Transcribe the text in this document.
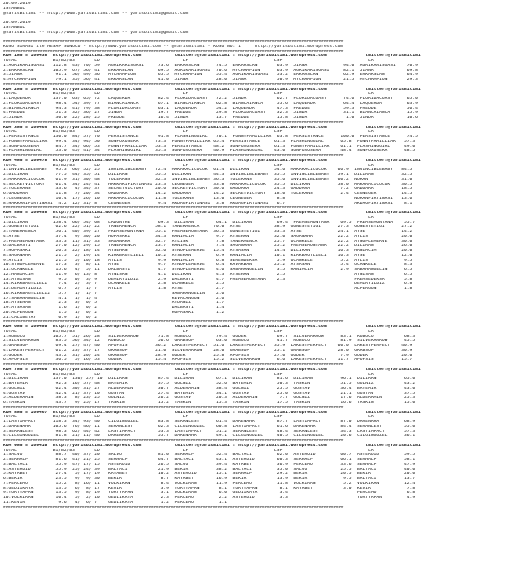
20.09.2019
ISTANBUL
@YarisBilimi -- http://www.yarisbilimi.com -- yarisbilimi@gmail.com

20.09.2019
ISTANBUL
@YarisBilimi -- http://www.yarisbilimi.com -- yarisbilimi@gmail.com

##########################################################################################################################################
KOSU SIRASI ile HESAP SONUCU - http://www.yarisbilimi.com -- @YarisBilimi - KOSU NO: 1     http://yarisbilimi.wordpress.com
##########################################################################################################################################
KUM 1NG = 169438  http://yarisbilimi.wordpress.com            twitter:@YarisBilimi : http://yarisbilimi.wordpress.com              twitter:@YarisBilimi
TOTAL             B1/B2/B3       LD                              LF                               LSP                               LA
1:AGRIKARISGASI   112.8  43/ 70/ 59   AGRIKARISGASI     73.6  ERKARSLAN      74.5  ERKARSLAN       63.9  JIANA             94.0  AGRIKARISGASI    70.9
2:ERKARSLAN       105.9  67/ 56/ 41   ERKARSLAN         69.5  AGRIKARISGASI  70.6  MYCHAMPION      63.9  AGRIKARISGASI     82.1  JIANA            69.8
3:JIANA            91.1  56/ 49/ 36   MYCHAMPION        65.5  MYCHAMPION     55.4  AGRIKARISGASI   53.2  ERKARSLAN         62.9  ERKARSLAN        64.9
4:MYCHAMPION       79.1  35/ 56/ 41   ERKARSLAN         41.0  JIANA          28.0  JIANA           50.9  MYCHAMPION        21.5  MYCHAMPION       29.3
##########################################################################################################################################
KUM 2NG = 169458  http://yarisbilimi.wordpress.com            twitter:@YarisBilimi : http://yarisbilimi.wordpress.com              twitter:@YarisBilimi
TOTAL             B1/B2/B3       LD                              LF                               LSP                               LA
1:LAQUERDA        137.0  63/ 65/ 72   LAQUERDA          82.4  FLORIDACOAST   72.2  JINDA           62.7  FLORIDACOAST      74.6  FLORIDACOAST     65.0
2:FLORIDACOAST     98.4  54/ 39/ 77   BIANCAIANCA       67.1  BIANCAIANCA    62.8  BIANCAIANCA     55.6  LAQUERDA          64.4  LAQUERDA         63.9
3:BIANCAIANCA      94.3  41/ 79/ 38   FLORIDACOAST      63.1  LAQUERDA       54.2  LAQUERDA        47.3  FREDDE            59.3  FREDDE           56.4
4:FREDDE           51.3  32/ 36/ 27   JINDA             19.7  FREDDE         29.8  FLORIDACOAST    32.3  JINDA             31.1  BIANCAIANCA      15.9
5:JINDA            30.0  22/ 28/ 25   FREDDE            16.4  JINDA          13.7  FREDDE          15.8  JINDA              1.0  JINDA            10.6
##########################################################################################################################################
KUM 3NG = 169465  http://yarisbilimi.wordpress.com            twitter:@YarisBilimi : http://yarisbilimi.wordpress.com              twitter:@YarisBilimi
TOTAL             B1/B2/B3       LD                              LF                               LSP                               LA
1:PERSISTANCE     130.0  84/ 57/ 70   PERSISTANCE       91.8  FLASHINGGIRL   70.1  FUNNYFAMILLIAR  63.8  PERSISTANCE      100.0  PERSISTANCE      74.5
2:FUNNYFAMILLIAR   99.4  34/ 94/ 50   SUNFOXOSERA      73.3  FUNNYFAMILLIAR 65.4  PERSISTANCE     61.3  FLASHINGGIRL      65.8  FUNNYFAMILLIAR   57.3
3:SUNFOXOSERA      84.7  34/ 66/ 53   FUNNYFAMILLIAR   53.3  PERSISTANCE    48.2  SUNFOXOSERA     61.3  FUNNYFAMILLIAR    61.1  FLASHINGGIRL     49.0
4:FLASHINGGIRL     53.0  45/ 41/ 34   FLASHINGGIRL     35.3  SUNFOXOSERA    40.9  FLASHINGGIRL    43.0  SUNFOXOSERA       48.4  SUNFOXOSERA      48.5
##########################################################################################################################################
KUM 4NG = 169478  http://yarisbilimi.wordpress.com            twitter:@YarisBilimi : http://yarisbilimi.wordpress.com              twitter:@YarisBilimi
TOTAL             B1/B2/B3       LD                              LF                               LSP                               LA
1:INVINCIBLEBABY   95.3  66/ 52/ 25   INVINCIBLEBABY   72.4  MAKARACICOCUK  61.4  DILIRAN         54.6  MAKARACICOCUK    66.9  INVINCIBLEBABY   84.5
2:DILIRAN          77.5  44/ 35/ 51   DILIRAN          55.5  DILIRAN        44.3  INVINCIBLEBABY  35.5  INVINCIBLEBABY   59.1  DILIRAN          32.5
3:MAKARACICOCUK    61.9  31/ 30/ 48   TOLERANS         32.3  INVINCIBLEBABY 36.3  TOLERANS        35.6  INVINCIBLEBABY   60.2  NURAN            31.0
4:SECRETVICTORY    61.4  34/ 24/ 41   HAKKARIFIRTINASI 23.3  CEGNEGER       33.8  MAKARACICOCUK   35.5  DILIRAN          58.0  MAKARACICOCUK    30.5
5:TOLERANS         33.6   4/ 34/ 37   SECRETVICTORY    20.6  SECRETVICTORY  30.6  GADDARA         24.3  GADDARA           7.2  GADDARA          18.5
6:GADDARA          11.8   7/ 20/ 34   GADDARA          14.2  GADDARA        14.2  SECRETVICTORY   18.0  TOLERANS          2.4  CEGNEGER         14.5
7:CEGNEGER         10.4  17/ 26/ 10   MAKARACICOCUK    11.8  TOLERANS       13.0  CEGNEGER         8.8                         NURANFIRTINASI   13.6
8:HAKKARIFIRTINASI  4.2  12/ 31/ 8    CEGNEGER          9.4  AKDAGFIRTINASI  3.8  AKDAGFIRTINASI   6.7                         AKDAGFIRTINASI    8.1
##########################################################################################################################################
KUM 5NG = 169458  http://yarisbilimi.wordpress.com            twitter:@YarisBilimi : http://yarisbilimi.wordpress.com              twitter:@YarisBilimi
TOTAL             B1/B2/B3       LD                              LF                               LSP                               LA
1:DILIRAN         158.4  66/ 54/ 68   LADONTHE          69.3  DILIRAN        64.1  DILIRAN         69.4  FREMSEMONTANA    69.5  FREMSEMONTANA    55.7
2:GUNESTETIGI      62.6  22/ 51/ 22   TANERMENCA       58.1  TANERMENCA     70.0  AYSE            38.9  GUNESTETIGI      27.3  GUNESTETIGI      27.2
3:TANERMENCA       56.1  40/ 39/ 27   FREMSEMONTANA    55.1  FREMSEMONTANA  36.3  GUNESTETIGI     33.3  AYSE             24.1  AYSE             14.2
4:AYSE             37.4   9/ 30/ 20   HOPASAKI         34.3  HANIMCIM        9.7  AYSEHAN         32.0  SAGANAHA         22.2  AYLIS            20.0
5:FREMSEMONTANA    33.3  11/ 31/ 33   SAGANAHA         32.7  ATLISK          7.8  TANERMENCA      25.7  UCANKELE         22.2  ATNOPLEMERVE     30.0
6:DALBASTI         27.0  12/ 29/ 15   TANERMENCA       23.7  HANIMCIM        7.4  SAGANAHA        25.2  FREMSEMONTANA    22.2  DILIRAN          26.0
7:HOPASAKI         26.3  22/ 18/ 14   AYSEHAN          32.6  STNOPLEMERVE   15.4  ATSASAN         14.4  DILIRAN          16.3  HANIMCIM         20.0
8:SAGANAHA         21.5   2/ 19/ 14   KIRKBAGTLIELI    10.2  AYSEHAN         6.9  HANIMCIM        10.1  KIRKBAGTLIELI    16.3  AYSE             12.0
9:ATLIS            21.5   5/ 10/ 18   ATLIS             9.9  HANIMCIM        6.8  SERENDEKSA       5.9  UCANKELE          5.2  AYLIS             9.5
10:STNOPLEMERVE    17.3   3/  8/ 11   AYSE              9.7  ATNOPLEMERVE    6.4  KAVAKBAN        25.2  ATSASAN           5.4  UCANKELE          8.3
11:UCANKELE        15.6   4/  5/ 11   DALBASTI          4.7  STNOPLEMERVE    4.6  SABAHANGELIN     3.5  HANIMCIM          2.9  SABAHANGELIN      6.5
12:HANIMCIM        11.9   6/ 13/ 8    ATNISAN           4.1  DILIRAN         4.3  AYSEHAN          2.5                         ATNISAN           6.5
13:ATNISAN          9.5   0/  3/ 9    DEMIRYILDIZ       2.9  DALBASTI        4.7  FREMSEMONTANA    2.3                         FREMSEDEKSA       5.8
14:KIRKBAGTLIELI    7.4   2/  3/ 7    UCANKELE          2.8  UCANKELE        2.5                                               DEMIRYILDIZ       6.8
15:DEMIRYILDIZ      6.7   2/  1/ 7    AYLIS             1.8  AYSE            2.7                                               ALPERGUN          1.8
16:KIRKBAGTLIELI2   5.7   1/  1/ 7                           SABAHANGELIN    2.6
17:SABAHANGELIN     4.1   1/  1/ 4                           KEVACANGUN      2.6
18:AYSEHAN          2.3   3/  0/ 5                           AYDANIZ         1.7
19:ATSASAN          1.6   1/  0/ 2                           DALBASTI        1.4
20:ALPERGUN         1.5   1/  0/ 2                           HOPASAKI        1.2
21:CALIBETAY        0.9   1/  0/ 2
##########################################################################################################################################
KUM 6NG = 169480  http://yarisbilimi.wordpress.com            twitter:@YarisBilimi : http://yarisbilimi.wordpress.com              twitter:@YarisBilimi
TOTAL             B1/B2/B3       LD                              LF                               LSP                               LA
1:RUBUCO          105.7  51/ 26/ 28   SILVERARROW       71.8  RUBUCO         79.4  GODEK           69.7  SILVERARROW      83.1  RUBUCO           68.3
2:SILVERARROW      83.5  56/ 34/ 12   RUBUCO            56.6  GRABSOP        63.0  RUBUCO          41.7  RUBUCO           81.9  SILVERARROW      45.5
3:GRABSOP          69.4  27/ 47/ 40   APOFSIS          36.2  LAKESTPERFECT  51.6  LAKESTPERFECT   35.9  LAKESTPERFECT    60.0  LAKESTPERFECT    40.9
4:LAKESTPERFECT    61.2  23/ 37/ 17   GRABSOP          21.0  SILVERARROW    28.0  GRABSOP         25.1  GRABSOP          28.0  GRABSOP          30.9
5:GODEK            43.2  31/ 20/ 24   GRABSOP          28.9  GODEK          25.8  APOFSIS         27.0  GODEK             7.9  GODEK            20.0
6:APOFSIS          36.5   5/ 16/ 53   GODEK            15.4  APOFSIS        15.2  SILVERARROW      6.6  LAKESTPERFECT    11.7  APOFSIS          15.7
##########################################################################################################################################
KUM 7NG = 169460  http://yarisbilimi.wordpress.com            twitter:@YarisBilimi : http://yarisbilimi.wordpress.com              twitter:@YarisBilimi
TOTAL             B1/B2/B3       LD                              LF                               LSP                               LA
1:DILIRAN         137.0  136/ 27/ 10  DILIRAN           87.4  DILIRAN        67.1  DILIRAN         81.6  DILIRAN          96.1  DILIRAN          65.0
2:BAYEMIR          92.3  16/ 57/ 48   BAYEMIR           37.5  GULNIZ         52.6  BAYEMIR         50.3  TASKIN           51.5  GULNIZ           43.2
3:GULNIZ           62.4  30/ 31/ 27   ALDERAMIN         30.7  ALDERAMIN      38.4  GULNIZ          25.5  GUSTAV           36.4  BAYEMIR          43.0
4:GUSTAV           42.4  21/ 37/ 10   GUSTAV            27.4  BAYEMIR        34.1  GUSTAV          25.0  GUSTAV           21.1  GUSTAV           37.5
5:ALDERAMIN        38.3   8/ 23/ 25   GULNIZ            26.2  GUSTAV         20.3  ALDERAMIN        7.7  GULNIZ           17.6  ALDERAMIN        25.3
6:TASKIN           43.7   9/ 25/ 17   TASKIN            15.2  TASKIN         15.3  TASKIN          17.5  TASKIN           16.6  TASKIN           15.0
##########################################################################################################################################
KUM 8NG = 169467  http://yarisbilimi.wordpress.com            twitter:@YarisBilimi : http://yarisbilimi.wordpress.com              twitter:@YarisBilimi
TOTAL             B1/B2/B3       LD                              LF                               LSP                               LA
1:LASTIMPACT      118.3  34/ 93/ 40   CILGINGUZEL       83.8  SERANLEST      61.4  DARENAHA        87.7  LASTIMPACT       87.0  DARENAHA         68.9
2:DARENAHA        105.6  76/ 46/ 11   SERANLEST         62.3  CILGINGUZEL    60.8  LASTIMPACT      61.6  DARENAHA         84.4  SERANLEST        55.0
3:SERANLEST        98.3  62/ 44/ 42   LASTIMPACT        53.3  LASTIMPACT     51.2  SERANLEST       48.4  SERANLEST        34.3  LASTIMPACT       57.3
4:CILGINGUZEL      81.8  21/ 11/ 40   DARENAHA          55.7  DARENAHA       49.1  CILGINGUZEL     40.5  CILGINGUZEL      20.6  CILGINGUZEL      36.1
##########################################################################################################################################
KUM 9NG = 169410  http://yarisbilimi.wordpress.com            twitter:@YarisBilimi : http://yarisbilimi.wordpress.com              twitter:@YarisBilimi
TOTAL             B1/B2/B3       LD                              LF                               LSP                               LA
1:SALVO            88.7  40/ 37/ 20   SALVO             81.0  SERHALP        52.4  BALTACI         62.0  ASTEROID         60.7  ASTEROID         59.5
2:SERHALP          81.6  41/ 21/ 25   SERHALP           64.7  BALTACI        43.1  ASTEROID        60.3  SERHALP          66.1  SERHALP          58.1
3:BALTACI          55.9  47/ 17/ 15   ASTEROID          26.5  SALVO          39.4  KAYABET         36.9  PERCEMO          33.6  SERHALP          47.9
4:ASTEROID         55.9  25/ 24/ 39   BALTACI           21.9  BEKIR          38.2  BALTACI         35.0  SALVO            25.5  BALTACI          40.0
5:KAYABET          27.4   5/ 17/ 19   KAYABET           10.2  ASTEROID       15.1  SERHALP         29.2  BEKIR            20.5  BEKIR            20.0
6:BEKIR            23.5   9/  9/ 30   BEKIR              8.7  KAYABET        16.9  BEKIR           13.9  BEKIR             9.5  BALTACI          13.7
7:PERCEMO          15.2   8/ 16/ 11   VOLKIRAN           8.4  VOLKIRAN       11.9  PERCEMO         11.8  VOLKIRAN          5.2  VOLKIRAN         12.4
8:GEDIIKAYA        13.5   6/  8/ 17   KEVIR              3.9  YURTYAPAN       8.1  YURTYAPAN        8.1  KAYABET           3.0  KEVIR             7.8
9:YURTYAPAN        13.5   9/  8/ 19   YURTYAPAN          3.1  VOLKIRAN        6.0  GEDIIKAYA        3.4                         PERCEMO           6.8
10:VOLKIRAN        10.4   5/  2/ 10   GEDIIKAYA          2.3  PERCEMO         2.2  ASTEROID         3.3                         YURTYAPAN         4.9
11:KEVIR            9.6   4/  6/ 7    GEDIIKAYA          1.2  PERCEMO         1.1
##########################################################################################################################################
